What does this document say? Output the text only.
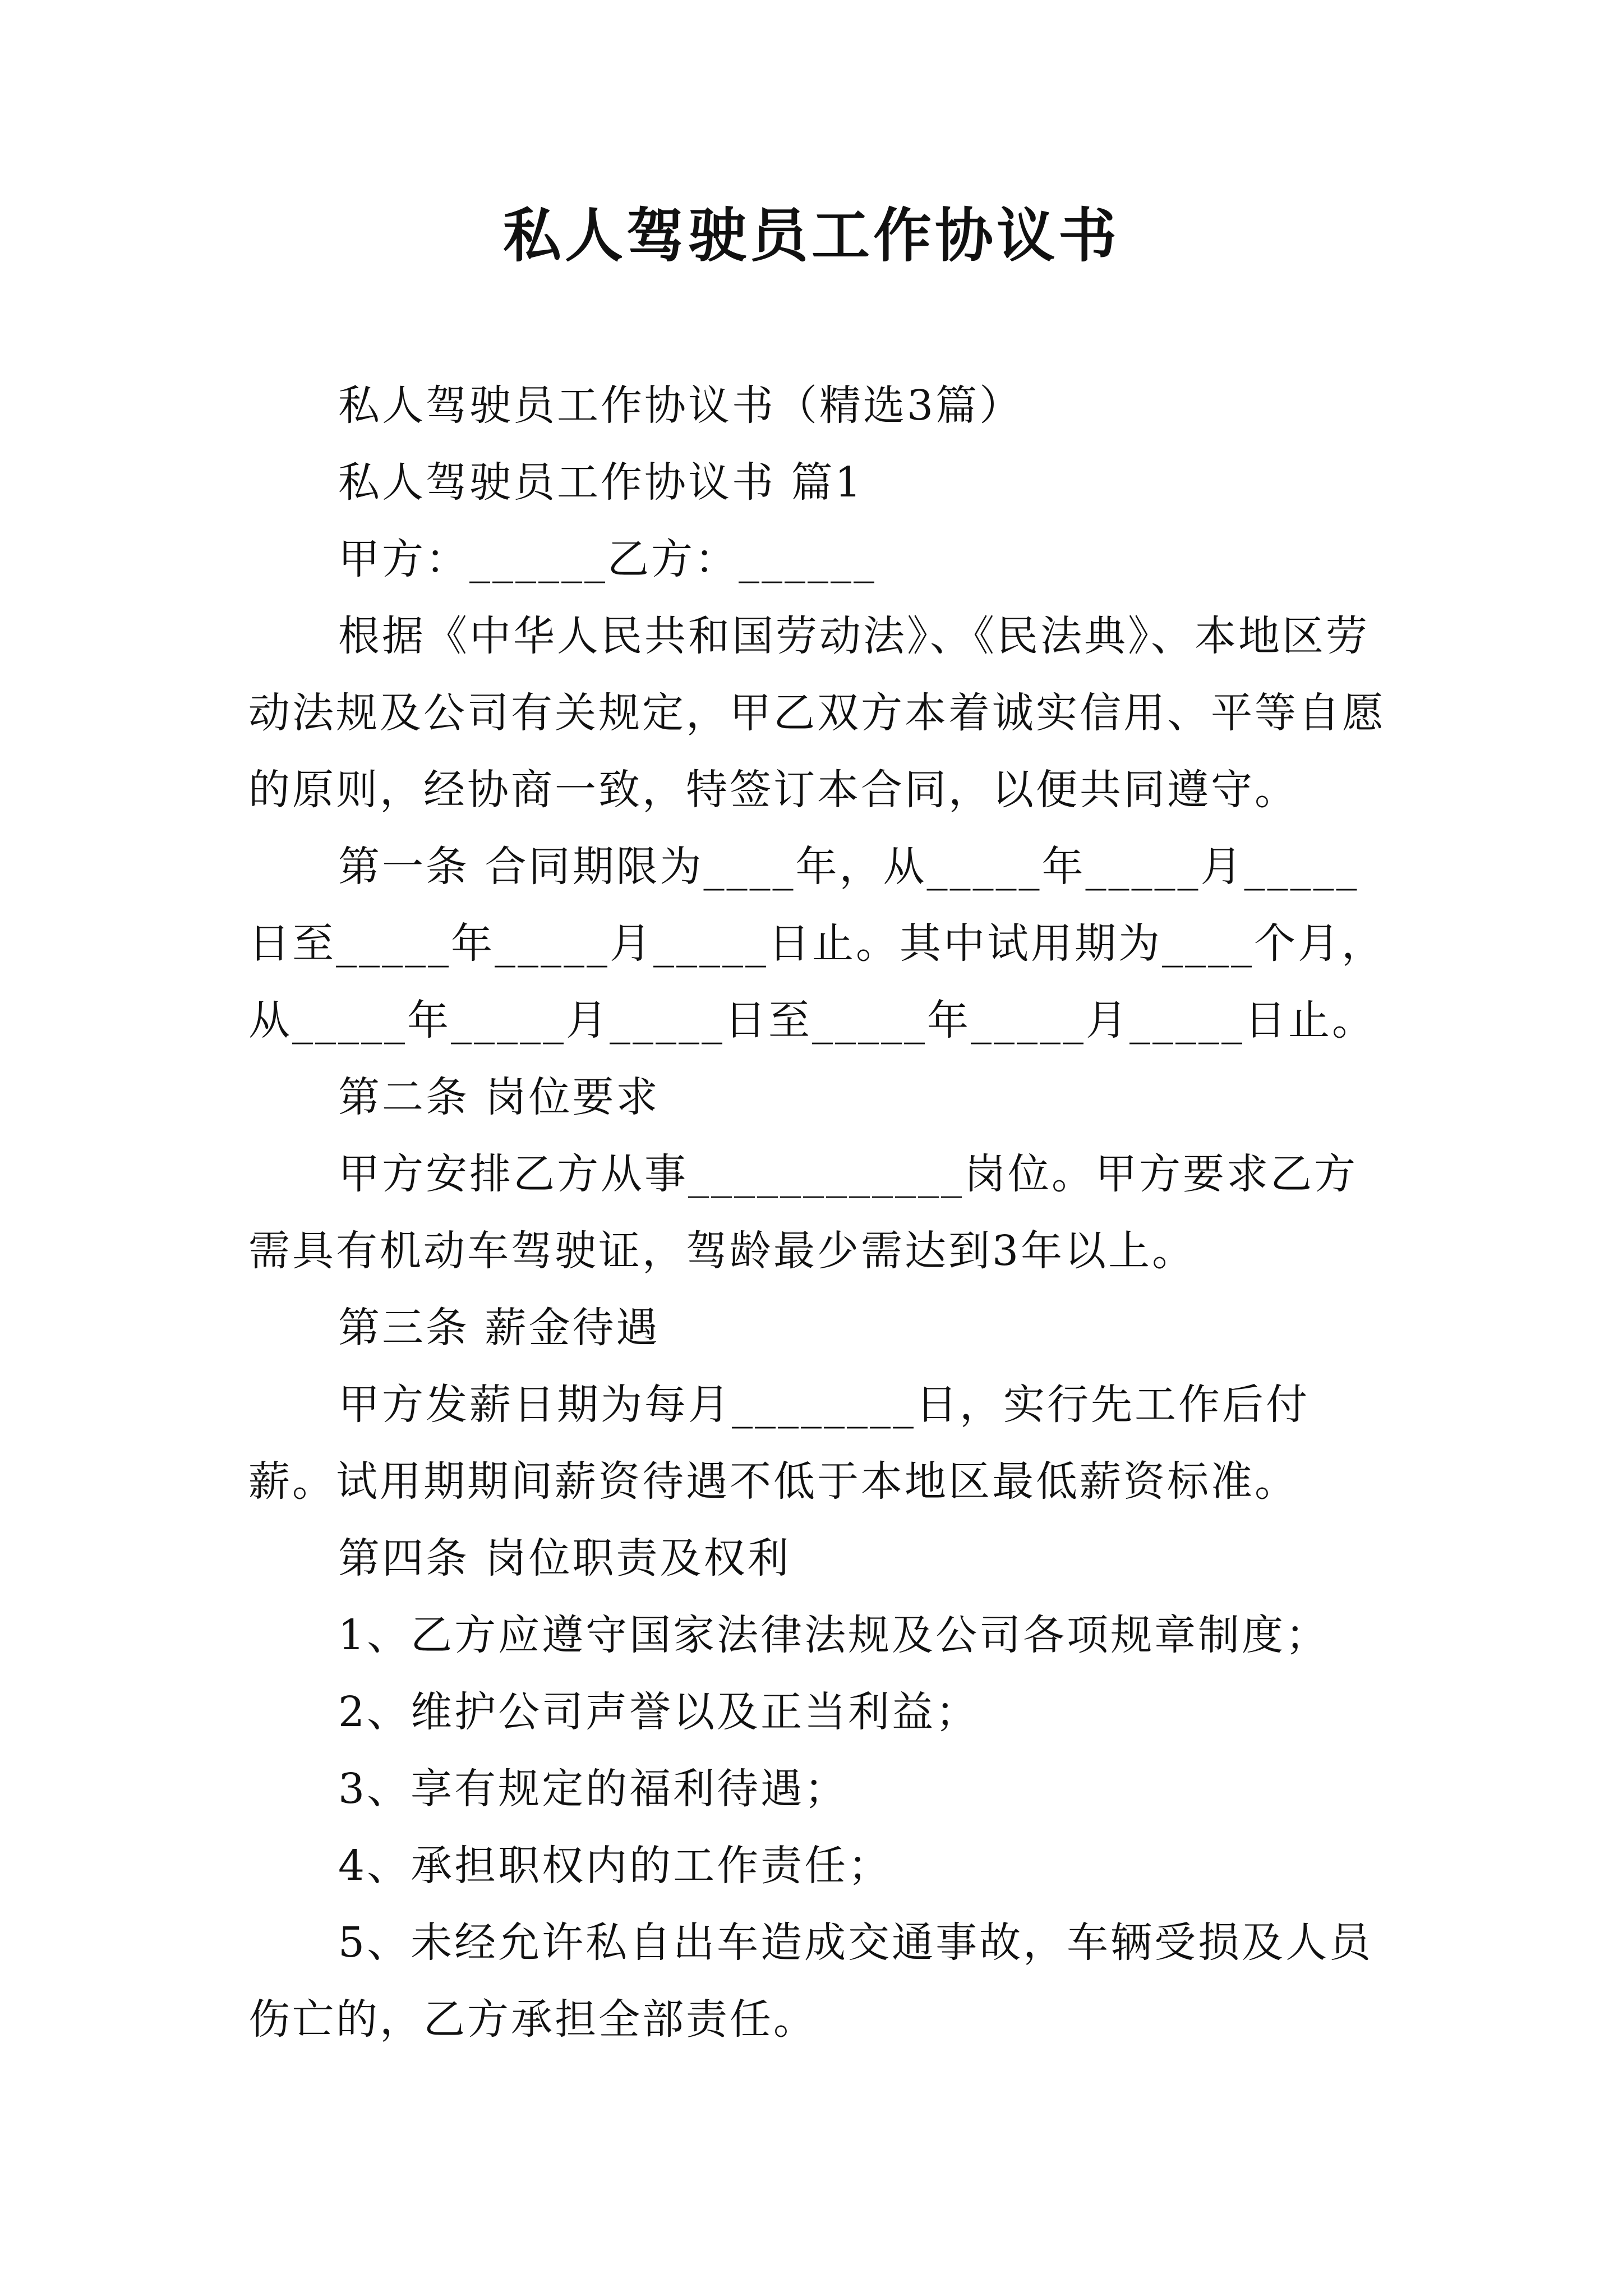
私人驾驶员工作协议书

私人驾驶员工作协议书（精选3篇）

私人驾驶员工作协议书 篇1

甲方：______乙方：______

根据《中华人民共和国劳动法》、《民法典》、本地区劳动法规及公司有关规定，甲乙双方本着诚实信用、平等自愿的原则，经协商一致，特签订本合同，以便共同遵守。

第一条 合同期限为____年，从_____年_____月_____日至_____年_____月_____日止。其中试用期为____个月，从_____年_____月_____日至_____年_____月_____日止。

第二条 岗位要求

甲方安排乙方从事____________岗位。甲方要求乙方需具有机动车驾驶证，驾龄最少需达到3年以上。

第三条 薪金待遇

甲方发薪日期为每月________日，实行先工作后付薪。试用期期间薪资待遇不低于本地区最低薪资标准。

第四条 岗位职责及权利

1、乙方应遵守国家法律法规及公司各项规章制度；

2、维护公司声誉以及正当利益；

3、享有规定的福利待遇；

4、承担职权内的工作责任；

5、未经允许私自出车造成交通事故，车辆受损及人员伤亡的，乙方承担全部责任。
